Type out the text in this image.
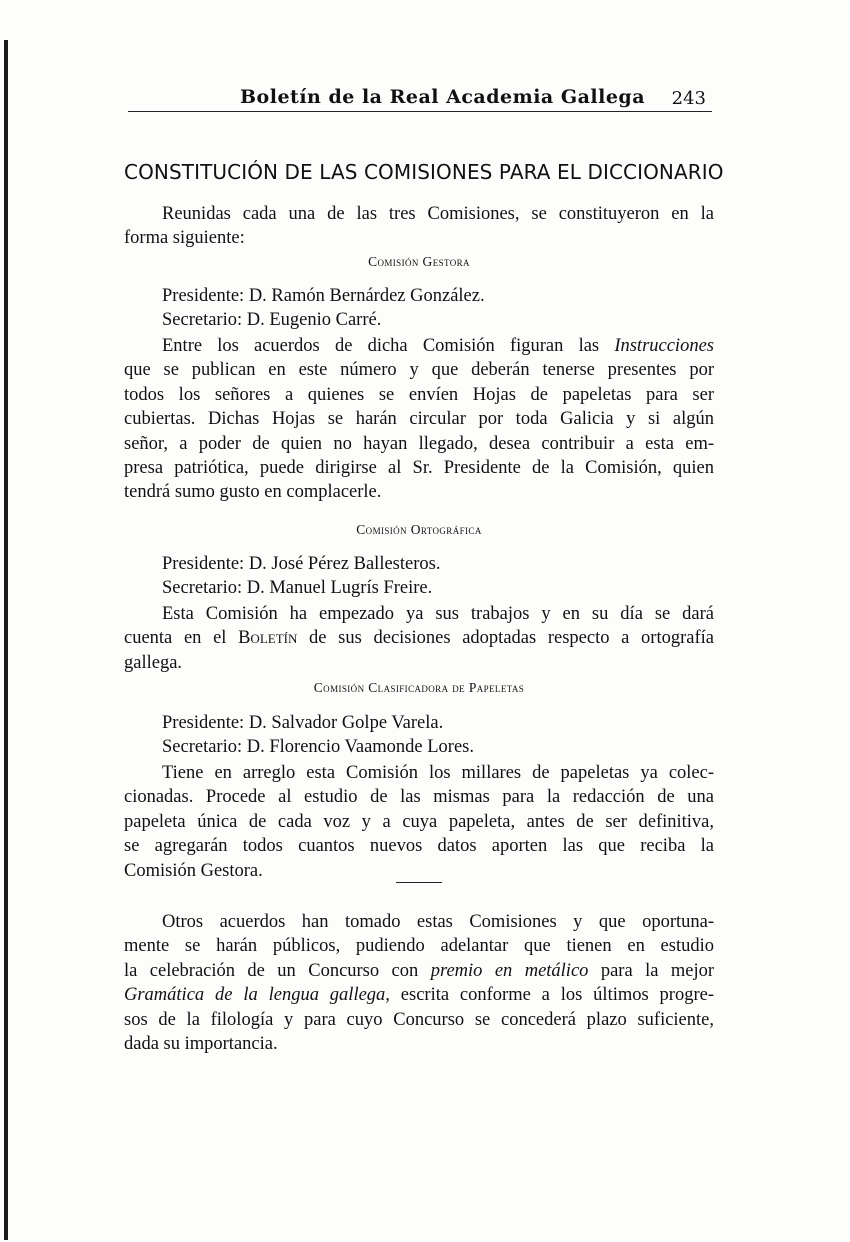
Boletín de la Real Academia Gallega 243
CONSTITUCIÓN DE LAS COMISIONES PARA EL DICCIONARIO
Reunidas cada una de las tres Comisiones, se constituyeron en la
forma siguiente:
Comisión Gestora
Presidente: D. Ramón Bernárdez González.
Secretario: D. Eugenio Carré.
Entre los acuerdos de dicha Comisión figuran las Instrucciones
que se publican en este número y que deberán tenerse presentes por
todos los señores a quienes se envíen Hojas de papeletas para ser
cubiertas. Dichas Hojas se harán circular por toda Galicia y si algún
señor, a poder de quien no hayan llegado, desea contribuir a esta em-
presa patriótica, puede dirigirse al Sr. Presidente de la Comisión, quien
tendrá sumo gusto en complacerle.
Comisión Ortográfica
Presidente: D. José Pérez Ballesteros.
Secretario: D. Manuel Lugrís Freire.
Esta Comisión ha empezado ya sus trabajos y en su día se dará
cuenta en el Boletín de sus decisiones adoptadas respecto a ortografía
gallega.
Comisión Clasificadora de Papeletas
Presidente: D. Salvador Golpe Varela.
Secretario: D. Florencio Vaamonde Lores.
Tiene en arreglo esta Comisión los millares de papeletas ya colec-
cionadas. Procede al estudio de las mismas para la redacción de una
papeleta única de cada voz y a cuya papeleta, antes de ser definitiva,
se agregarán todos cuantos nuevos datos aporten las que reciba la
Comisión Gestora.
Otros acuerdos han tomado estas Comisiones y que oportuna-
mente se harán públicos, pudiendo adelantar que tienen en estudio
la celebración de un Concurso con premio en metálico para la mejor
Gramática de la lengua gallega, escrita conforme a los últimos progre-
sos de la filología y para cuyo Concurso se concederá plazo suficiente,
dada su importancia.
